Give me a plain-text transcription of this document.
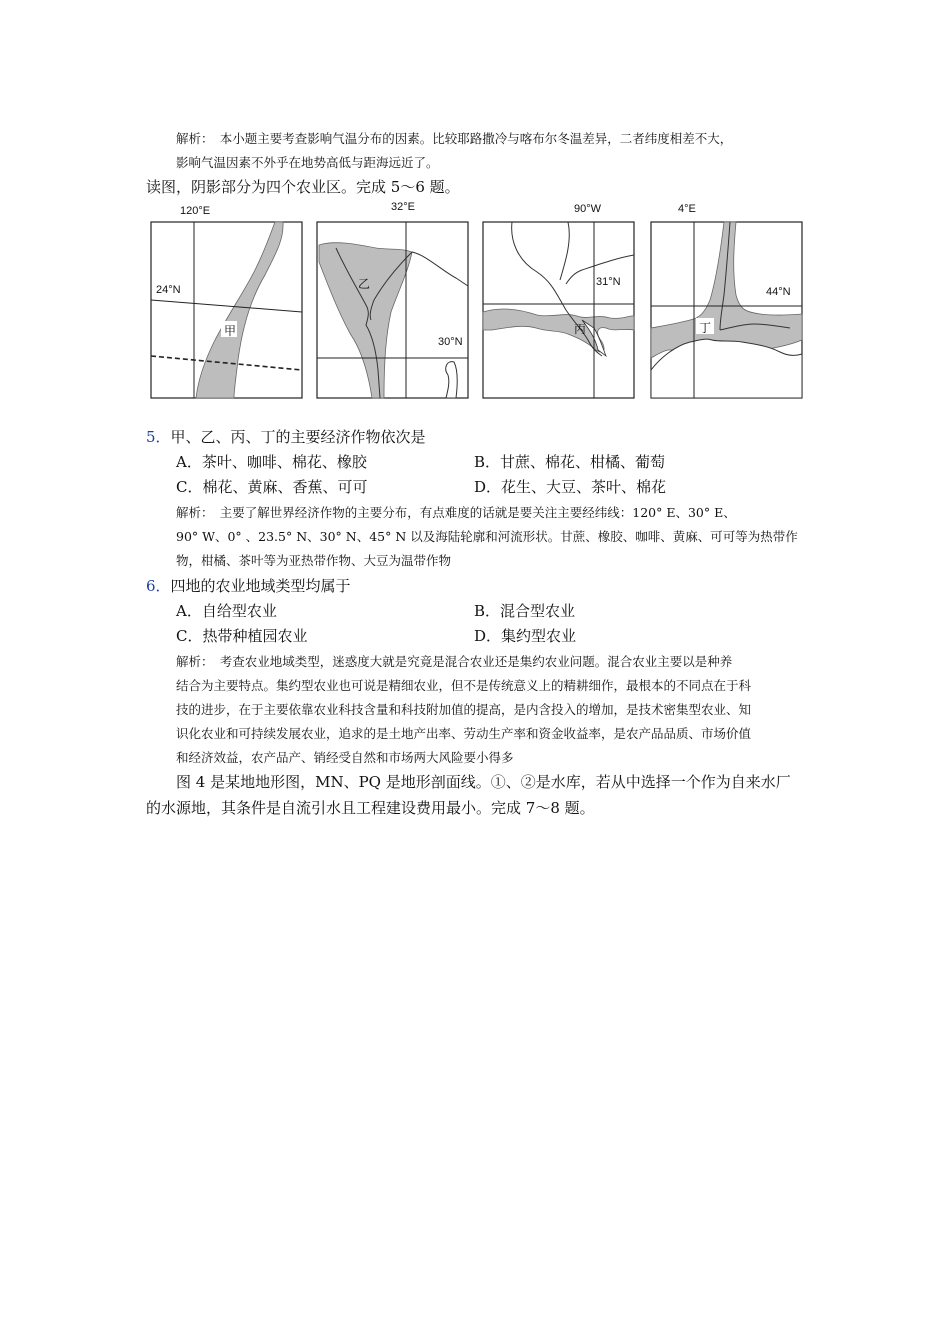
解析：　本小题主要考查影响气温分布的因素。比较耶路撒冷与喀布尔冬温差异，二者纬度相差不大，
影响气温因素不外乎在地势高低与距海远近了。
读图，阴影部分为四个农业区。完成 5～6 题。
120°E
24°N
甲
32°E
30°N
乙
90°W
31°N
丙
4°E
44°N
丁
5．甲、乙、丙、丁的主要经济作物依次是
A．茶叶、咖啡、棉花、橡胶	B．甘蔗、棉花、柑橘、葡萄
C．棉花、黄麻、香蕉、可可	D．花生、大豆、茶叶、棉花
解析：　主要了解世界经济作物的主要分布，有点难度的话就是要关注主要经纬线：120° E、30° E、
90° W、0° 、23.5° N、30° N、45° N 以及海陆轮廓和河流形状。甘蔗、橡胶、咖啡、黄麻、可可等为热带作
物，柑橘、茶叶等为亚热带作物、大豆为温带作物
6．四地的农业地域类型均属于
A．自给型农业	B．混合型农业
C．热带种植园农业	D．集约型农业
解析：　考查农业地域类型，迷惑度大就是究竟是混合农业还是集约农业问题。混合农业主要以是种养
结合为主要特点。集约型农业也可说是精细农业，但不是传统意义上的精耕细作，最根本的不同点在于科
技的进步，在于主要依靠农业科技含量和科技附加值的提高，是内含投入的增加，是技术密集型农业、知
识化农业和可持续发展农业，追求的是土地产出率、劳动生产率和资金收益率，是农产品品质、市场价值
和经济效益，农产品产、销经受自然和市场两大风险要小得多
图 4 是某地地形图，MN、PQ 是地形剖面线。①、②是水库，若从中选择一个作为自来水厂
的水源地，其条件是自流引水且工程建设费用最小。完成 7～8 题。
